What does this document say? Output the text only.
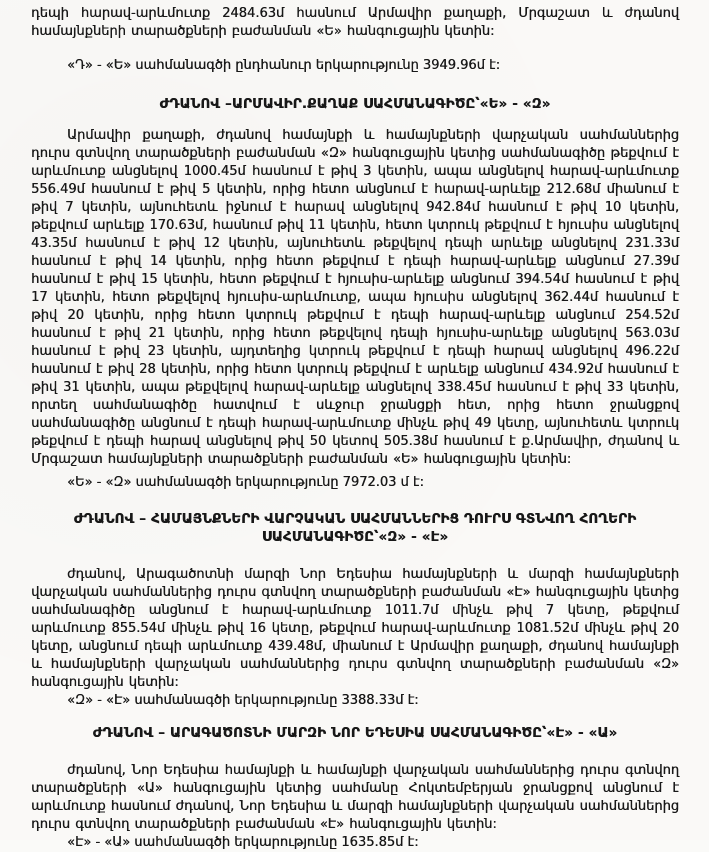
դեպի հարավ-արևմուտք 2484.63մ հասնում Արմավիր քաղաքի, Մրգաշատ և ժդանով համայնքների տարածքների բաժանման «Ե» հանգուցային կետին:

«Դ» - «Ե» սահմանագծի ընդհանուր երկարությունը 3949.96մ է:

ԺԴԱՆՈՎ –ԱՐՄԱՎԻՐ.ՔԱՂԱՔ ՍԱՀՄԱՆԱԳԻԾԸ՝«Ե» - «Զ»

Արմավիր քաղաքի, ժդանով համայնքի և համայնքների վարչական սահմաններից դուրս գտնվող տարածքների բաժանման «Զ» հանգուցային կետից սահմանագիծը թեքվում է արևմուտք անցնելով 1000.45մ հասնում է թիվ 3 կետին, ապա անցնելով հարավ-արևմուտք 556.49մ հասնում է թիվ 5 կետին, որից հետո անցնում է հարավ-արևելք 212.68մ միանում է թիվ 7 կետին, այնուհետև իջնում է հարավ անցնելով 942.84մ հասնում է թիվ 10 կետին, թեքվում արևելք 170.63մ, հասնում թիվ 11 կետին, հետո կտրուկ թեքվում է հյուսիս անցնելով 43.35մ հասնում է թիվ 12 կետին, այնուհետև թեքվելով դեպի արևելք անցնելով 231.33մ հասնում է թիվ 14 կետին, որից հետո թեքվում է դեպի հարավ-արևելք անցնում 27.39մ հասնում է թիվ 15 կետին, հետո թեքվում է հյուսիս-արևելք անցնում 394.54մ հասնում է թիվ 17 կետին, հետո թեքվելով հյուսիս-արևմուտք, ապա հյուսիս անցնելով 362.44մ հասնում է թիվ 20 կետին, որից հետո կտրուկ թեքվում է դեպի հարավ-արևելք անցնում 254.52մ հասնում է թիվ 21 կետին, որից հետո թեքվելով դեպի հյուսիս-արևելք անցնելով 563.03մ հասնում է թիվ 23 կետին, այդտեղից կտրուկ թեքվում է դեպի հարավ անցնելով 496.22մ հասնում է թիվ 28 կետին, որից հետո կտրուկ թեքվում է արևելք անցնում 434.92մ հասնում է թիվ 31 կետին, ապա թեքվելով հարավ-արևելք անցնելով 338.45մ հասնում է թիվ 33 կետին, որտեղ սահմանագիծը հատվում է սևջուր ջրանցքի հետ, որից հետո ջրանցքով սահմանագիծը անցնում է դեպի հարավ-արևմուտք մինչև թիվ 49 կետը, այնուհետև կտրուկ թեքվում է դեպի հարավ անցնելով թիվ 50 կետով 505.38մ հասնում է ք.Արմավիր, ժդանով և Մրգաշատ համայնքների տարածքների բաժանման «Ե» հանգուցային կետին:

«Ե» - «Զ» սահմանագծի երկարությունը 7972.03 մ է:

ԺԴԱՆՈՎ – ՀԱՄԱՅՆՔՆԵՐԻ ՎԱՐՉԱԿԱՆ ՍԱՀՄԱՆՆԵՐԻՑ ԴՈՒՐՍ ԳՏՆՎՈՂ ՀՈՂԵՐԻ
ՍԱՀՄԱՆԱԳԻԾԸ՝«Զ» - «Է»

ժդանով, Արագածոտնի մարզի Նոր Եդեսիա համայնքների և մարզի համայնքների վարչական սահմաններից դուրս գտնվող տարածքների բաժանման «Է» հանգուցային կետից սահմանագիծը անցնում է հարավ-արևմուտք 1011.7մ մինչև թիվ 7 կետը, թեքվում արևմուտք 855.54մ մինչև թիվ 16 կետը, թեքվում հարավ-արևմուտք 1081.52մ մինչև թիվ 20 կետը, անցնում դեպի արևմուտք 439.48մ, միանում է Արմավիր քաղաքի, ժդանով համայնքի և համայնքների վարչական սահմաններից դուրս գտնվող տարածքների բաժանման «Զ» հանգուցային կետին:

«Զ» - «Է» սահմանագծի երկարությունը 3388.33մ է:

ԺԴԱՆՈՎ – ԱՐԱԳԱԾՈՏՆԻ ՄԱՐԶԻ ՆՈՐ ԵԴԵՍԻԱ ՍԱՀՄԱՆԱԳԻԾԸ՝«Է» - «Ա»

ժդանով, Նոր Եդեսիա համայնքի և համայնքի վարչական սահմաններից դուրս գտնվող տարածքների «Ա» հանգուցային կետից սահմանը Հոկտեմբերյան ջրանցքով անցնում է արևմուտք հասնում ժդանով, Նոր Եդեսիա և մարզի համայնքների վարչական սահմաններից դուրս գտնվող տարածքների բաժանման «Է» հանգուցային կետին:

«Է» - «Ա» սահմանագծի երկարությունը 1635.85մ է:
